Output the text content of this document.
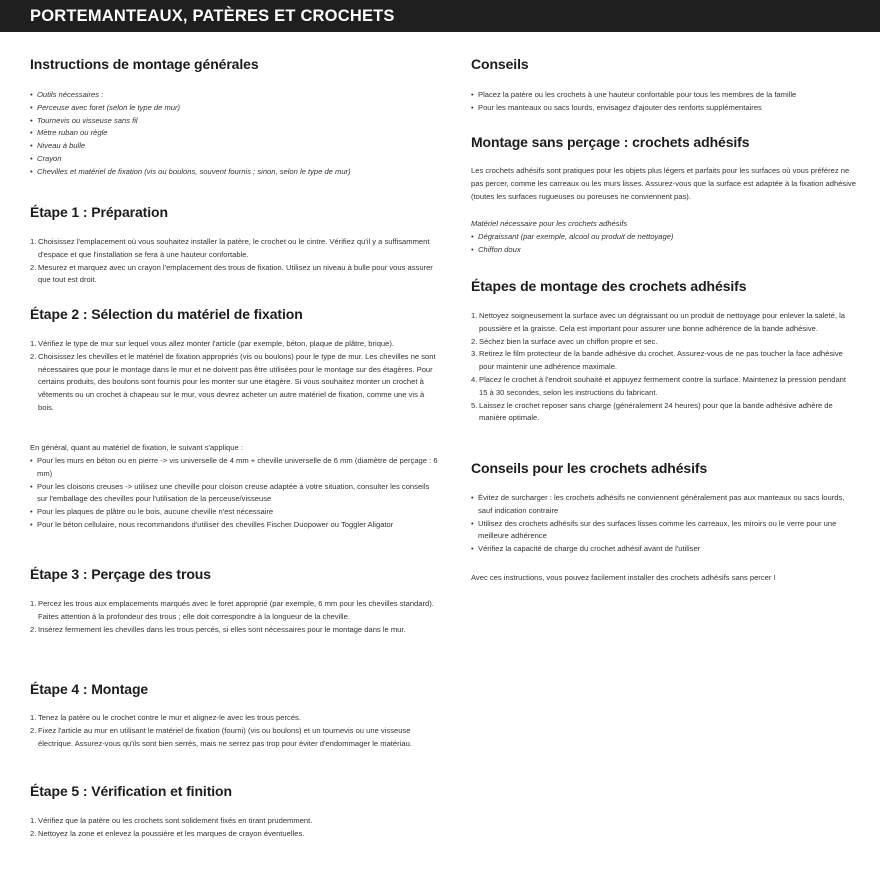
PORTEMANTEAUX, PATÈRES ET CROCHETS
Instructions de montage générales
• Outils nécessaires :
• Perceuse avec foret (selon le type de mur)
• Tournevis ou visseuse sans fil
• Mètre ruban ou règle
• Niveau à bulle
• Crayon
• Chevilles et matériel de fixation (vis ou boulons, souvent fournis ; sinon, selon le type de mur)
Étape 1 : Préparation
1. Choisissez l'emplacement où vous souhaitez installer la patère, le crochet ou le cintre. Vérifiez qu'il y a suffisamment d'espace et que l'installation se fera à une hauteur confortable.
2. Mesurez et marquez avec un crayon l'emplacement des trous de fixation. Utilisez un niveau à bulle pour vous assurer que tout est droit.
Étape 2 : Sélection du matériel de fixation
1. Vérifiez le type de mur sur lequel vous allez monter l'article (par exemple, béton, plaque de plâtre, brique).
2. Choisissez les chevilles et le matériel de fixation appropriés (vis ou boulons) pour le type de mur. Les chevilles ne sont nécessaires que pour le montage dans le mur et ne doivent pas être utilisées pour le montage sur des étagères. Pour certains produits, des boulons sont fournis pour les monter sur une étagère. Si vous souhaitez monter un crochet à vêtements ou un crochet à chapeau sur le mur, vous devrez acheter un autre matériel de fixation, comme une vis à bois.
En général, quant au matériel de fixation, le suivant s'applique :
• Pour les murs en béton ou en pierre -> vis universelle de 4 mm + cheville universelle de 6 mm (diamètre de perçage : 6 mm)
• Pour les cloisons creuses -> utilisez une cheville pour cloison creuse adaptée à votre situation, consulter les conseils sur l'emballage des chevilles pour l'utilisation de la perceuse/visseuse
• Pour les plaques de plâtre ou le bois, aucune cheville n'est nécessaire
• Pour le béton cellulaire, nous recommandons d'utiliser des chevilles Fischer Duopower ou Toggler Aligator
Étape 3 : Perçage des trous
1. Percez les trous aux emplacements marqués avec le foret approprié (par exemple, 6 mm pour les chevilles standard). Faites attention à la profondeur des trous ; elle doit correspondre à la longueur de la cheville.
2. Insérez fermement les chevilles dans les trous percés, si elles sont nécessaires pour le montage dans le mur.
Étape 4 : Montage
1. Tenez la patère ou le crochet contre le mur et alignez-le avec les trous percés.
2. Fixez l'article au mur en utilisant le matériel de fixation (fourni) (vis ou boulons) et un tournevis ou une visseuse électrique. Assurez-vous qu'ils sont bien serrés, mais ne serrez pas trop pour éviter d'endommager le matériau.
Étape 5 : Vérification et finition
1. Vérifiez que la patère ou les crochets sont solidement fixés en tirant prudemment.
2. Nettoyez la zone et enlevez la poussière et les marques de crayon éventuelles.
Conseils
• Placez la patère ou les crochets à une hauteur confortable pour tous les membres de la famille
• Pour les manteaux ou sacs lourds, envisagez d'ajouter des renforts supplémentaires
Montage sans perçage : crochets adhésifs
Les crochets adhésifs sont pratiques pour les objets plus légers et parfaits pour les surfaces où vous préférez ne pas percer, comme les carreaux ou les murs lisses. Assurez-vous que la surface est adaptée à la fixation adhésive (toutes les surfaces rugueuses ou poreuses ne conviennent pas).
Matériel nécessaire pour les crochets adhésifs
• Dégraissant (par exemple, alcool ou produit de nettoyage)
• Chiffon doux
Étapes de montage des crochets adhésifs
1. Nettoyez soigneusement la surface avec un dégraissant ou un produit de nettoyage pour enlever la saleté, la poussière et la graisse. Cela est important pour assurer une bonne adhérence de la bande adhésive.
2. Séchez bien la surface avec un chiffon propre et sec.
3. Retirez le film protecteur de la bande adhésive du crochet. Assurez-vous de ne pas toucher la face adhésive pour maintenir une adhérence maximale.
4. Placez le crochet à l'endroit souhaité et appuyez fermement contre la surface. Maintenez la pression pendant 15 à 30 secondes, selon les instructions du fabricant.
5. Laissez le crochet reposer sans charge (généralement 24 heures) pour que la bande adhésive adhère de manière optimale.
Conseils pour les crochets adhésifs
• Évitez de surcharger : les crochets adhésifs ne conviennent généralement pas aux manteaux ou sacs lourds, sauf indication contraire
• Utilisez des crochets adhésifs sur des surfaces lisses comme les carreaux, les miroirs ou le verre pour une meilleure adhérence
• Vérifiez la capacité de charge du crochet adhésif avant de l'utiliser
Avec ces instructions, vous pouvez facilement installer des crochets adhésifs sans percer !
